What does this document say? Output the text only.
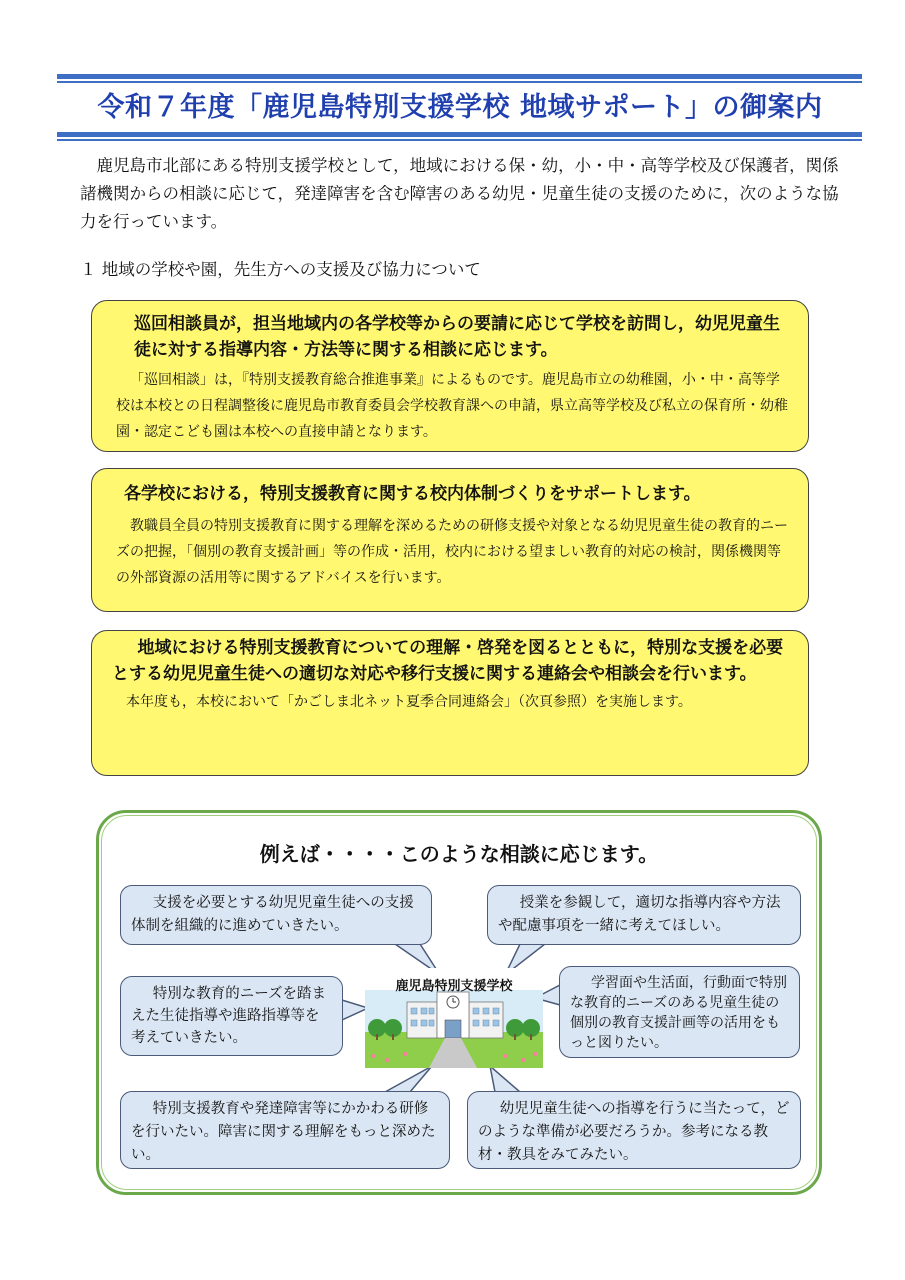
令和７年度「鹿児島特別支援学校 地域サポート」の御案内

鹿児島市北部にある特別支援学校として，地域における保・幼，小・中・高等学校及び保護者，関係諸機関からの相談に応じて，発達障害を含む障害のある幼児・児童生徒の支援のために，次のような協力を行っています。

１ 地域の学校や園，先生方への支援及び協力について

巡回相談員が，担当地域内の各学校等からの要請に応じて学校を訪問し，幼児児童生徒に対する指導内容・方法等に関する相談に応じます。

「巡回相談」は，『特別支援教育総合推進事業』によるものです。鹿児島市立の幼稚園，小・中・高等学校は本校との日程調整後に鹿児島市教育委員会学校教育課への申請，県立高等学校及び私立の保育所・幼稚園・認定こども園は本校への直接申請となります。

各学校における，特別支援教育に関する校内体制づくりをサポートします。

教職員全員の特別支援教育に関する理解を深めるための研修支援や対象となる幼児児童生徒の教育的ニーズの把握，「個別の教育支援計画」等の作成・活用，校内における望ましい教育的対応の検討，関係機関等の外部資源の活用等に関するアドバイスを行います。

地域における特別支援教育についての理解・啓発を図るとともに，特別な支援を必要とする幼児児童生徒への適切な対応や移行支援に関する連絡会や相談会を行います。

本年度も，本校において「かごしま北ネット夏季合同連絡会」（次頁参照）を実施します。

例えば・・・・このような相談に応じます。

鹿児島特別支援学校

支援を必要とする幼児児童生徒への支援体制を組織的に進めていきたい。

授業を参観して，適切な指導内容や方法や配慮事項を一緒に考えてほしい。

特別な教育的ニーズを踏まえた生徒指導や進路指導等を考えていきたい。

学習面や生活面，行動面で特別な教育的ニーズのある児童生徒の個別の教育支援計画等の活用をもっと図りたい。

特別支援教育や発達障害等にかかわる研修を行いたい。障害に関する理解をもっと深めたい。

幼児児童生徒への指導を行うに当たって，どのような準備が必要だろうか。参考になる教材・教具をみてみたい。
